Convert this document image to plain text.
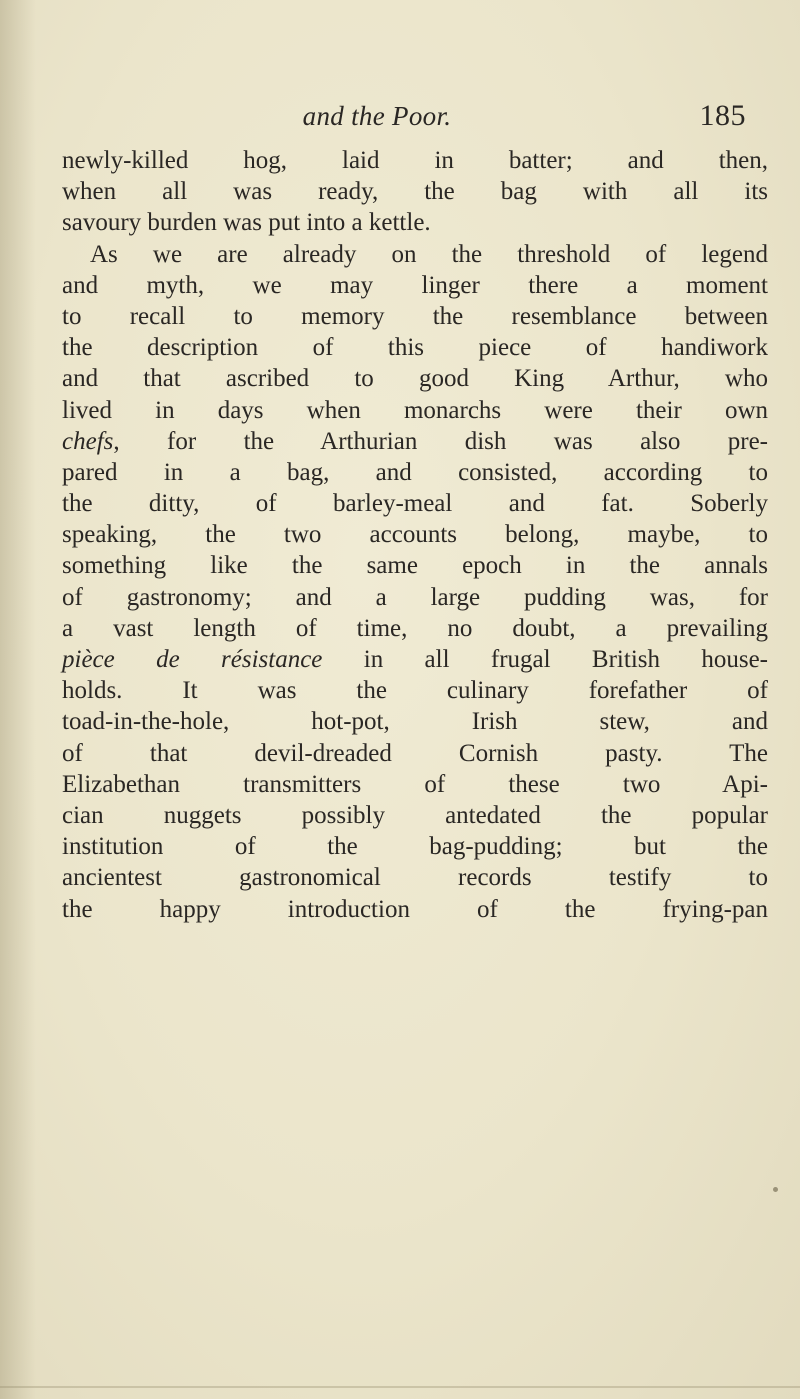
and the Poor.	185
newly-killed hog, laid in batter; and then,
when all was ready, the bag with all its
savoury burden was put into a kettle.
As we are already on the threshold of legend
and myth, we may linger there a moment
to recall to memory the resemblance between
the description of this piece of handiwork
and that ascribed to good King Arthur, who
lived in days when monarchs were their own
chefs, for the Arthurian dish was also pre-
pared in a bag, and consisted, according to
the ditty, of barley-meal and fat. Soberly
speaking, the two accounts belong, maybe, to
something like the same epoch in the annals
of gastronomy; and a large pudding was, for
a vast length of time, no doubt, a prevailing
pièce de résistance in all frugal British house-
holds. It was the culinary forefather of
toad-in-the-hole, hot-pot, Irish stew, and
of that devil-dreaded Cornish pasty. The
Elizabethan transmitters of these two Api-
cian nuggets possibly antedated the popular
institution of the bag-pudding; but the
ancientest gastronomical records testify to
the happy introduction of the frying-pan
